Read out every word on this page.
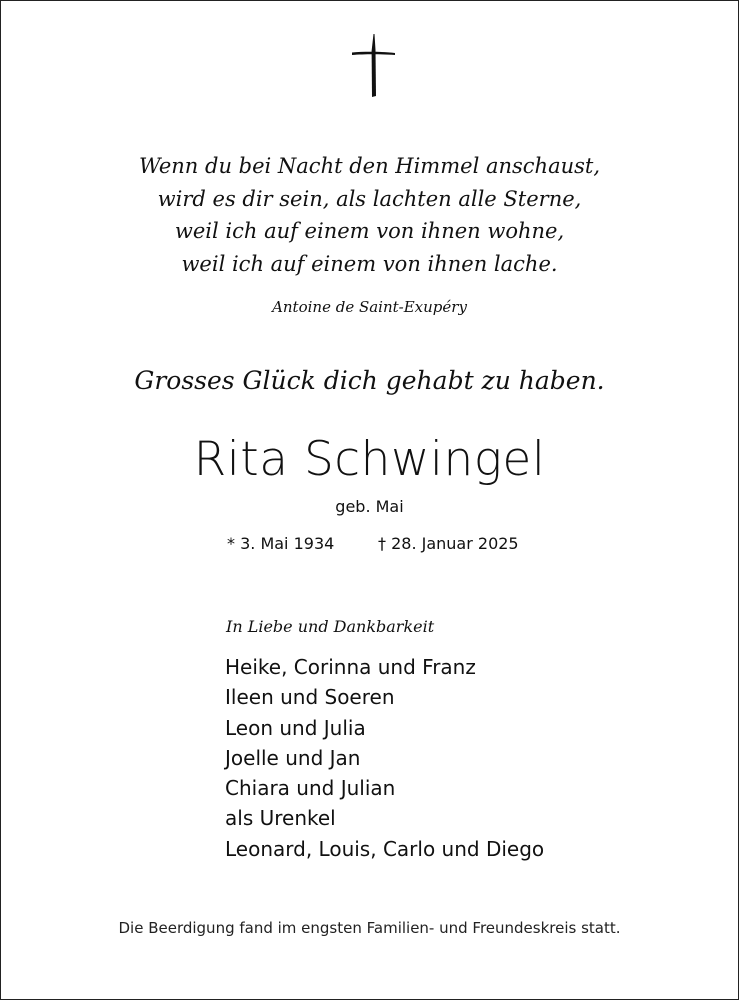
Wenn du bei Nacht den Himmel anschaust,
wird es dir sein, als lachten alle Sterne,
weil ich auf einem von ihnen wohne,
weil ich auf einem von ihnen lache.
Antoine de Saint-Exupéry
Grosses Glück dich gehabt zu haben.
Rita Schwingel
geb. Mai
* 3. Mai 1934	† 28. Januar 2025
In Liebe und Dankbarkeit
Heike, Corinna und Franz
Ileen und Soeren
Leon und Julia
Joelle und Jan
Chiara und Julian
als Urenkel
Leonard, Louis, Carlo und Diego
Die Beerdigung fand im engsten Familien- und Freundeskreis statt.
